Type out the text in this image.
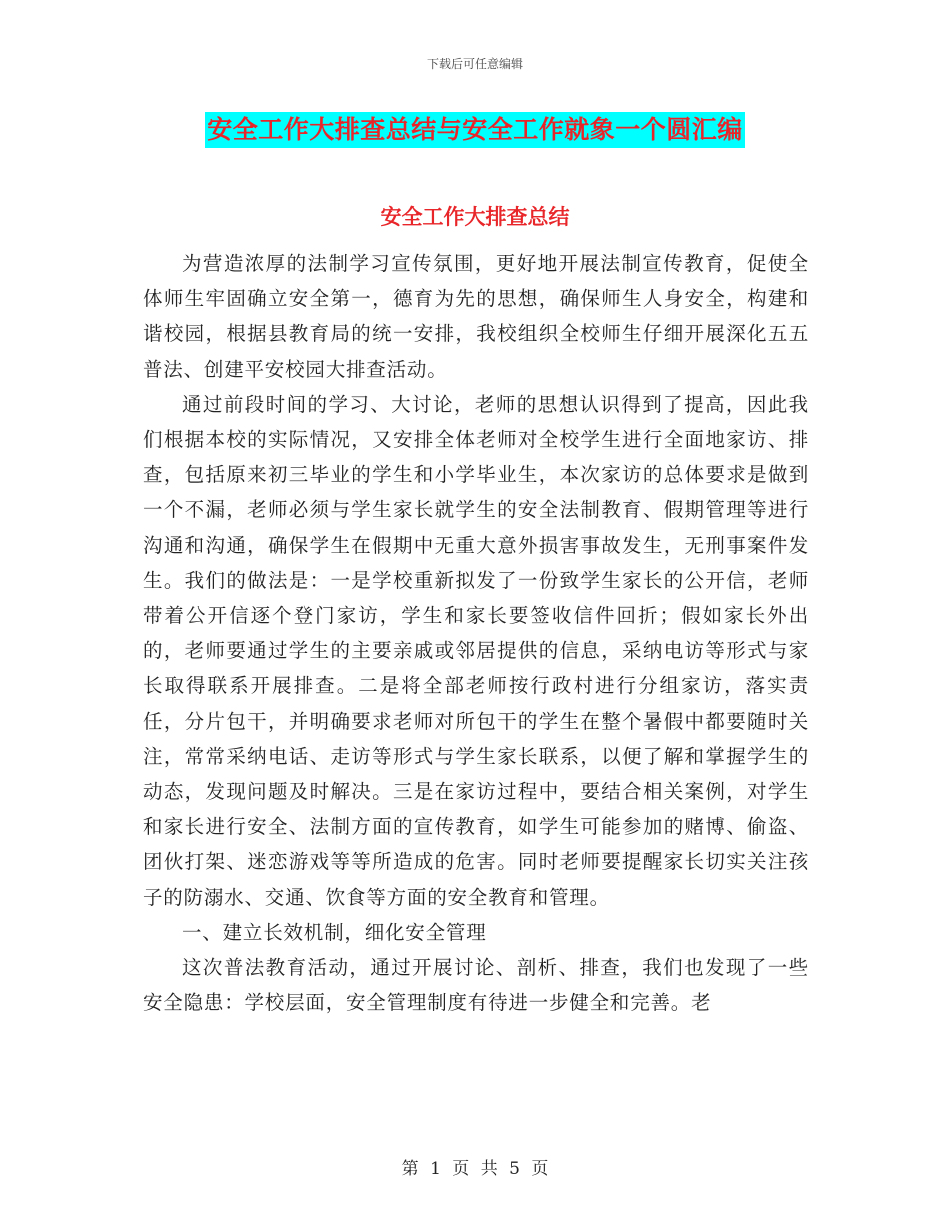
下载后可任意编辑
安全工作大排查总结与安全工作就象一个圆汇编
安全工作大排查总结

为营造浓厚的法制学习宣传氛围，更好地开展法制宣传教育，促使全体师生牢固确立安全第一，德育为先的思想，确保师生人身安全，构建和谐校园，根据县教育局的统一安排，我校组织全校师生仔细开展深化五五普法、创建平安校园大排查活动。

通过前段时间的学习、大讨论，老师的思想认识得到了提高，因此我们根据本校的实际情况，又安排全体老师对全校学生进行全面地家访、排查，包括原来初三毕业的学生和小学毕业生，本次家访的总体要求是做到一个不漏，老师必须与学生家长就学生的安全法制教育、假期管理等进行沟通和沟通，确保学生在假期中无重大意外损害事故发生，无刑事案件发生。我们的做法是：一是学校重新拟发了一份致学生家长的公开信，老师带着公开信逐个登门家访，学生和家长要签收信件回折；假如家长外出的，老师要通过学生的主要亲戚或邻居提供的信息，采纳电访等形式与家长取得联系开展排查。二是将全部老师按行政村进行分组家访，落实责任，分片包干，并明确要求老师对所包干的学生在整个暑假中都要随时关注，常常采纳电话、走访等形式与学生家长联系，以便了解和掌握学生的动态，发现问题及时解决。三是在家访过程中，要结合相关案例，对学生和家长进行安全、法制方面的宣传教育，如学生可能参加的赌博、偷盗、团伙打架、迷恋游戏等等所造成的危害。同时老师要提醒家长切实关注孩子的防溺水、交通、饮食等方面的安全教育和管理。

一、建立长效机制，细化安全管理

这次普法教育活动，通过开展讨论、剖析、排查，我们也发现了一些安全隐患：学校层面，安全管理制度有待进一步健全和完善。老

第 1 页 共 5 页
